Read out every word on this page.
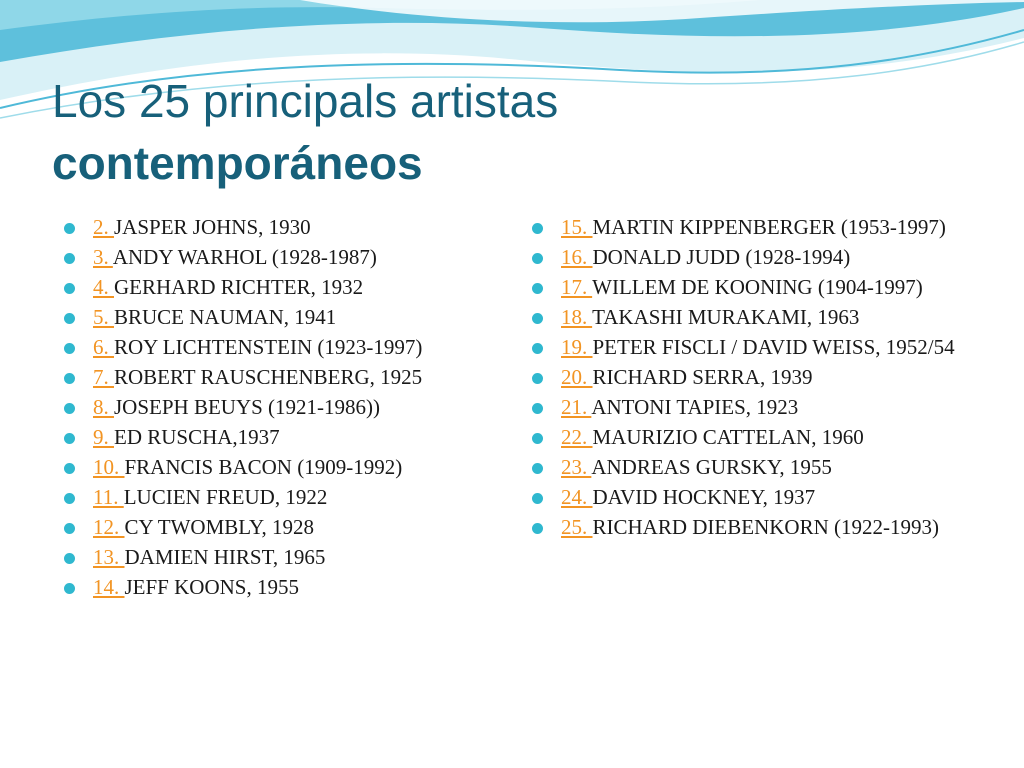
Los 25 principals artistas
contemporáneos
2. JASPER JOHNS, 1930
3. ANDY WARHOL (1928-1987)
4. GERHARD RICHTER, 1932
5. BRUCE NAUMAN, 1941
6. ROY LICHTENSTEIN (1923-1997)
7. ROBERT RAUSCHENBERG, 1925
8. JOSEPH BEUYS (1921-1986))
9. ED RUSCHA,1937
10. FRANCIS BACON (1909-1992)
11. LUCIEN FREUD, 1922
12. CY TWOMBLY, 1928
13. DAMIEN HIRST, 1965
14. JEFF KOONS, 1955
15. MARTIN KIPPENBERGER (1953-1997)
16. DONALD JUDD (1928-1994)
17. WILLEM DE KOONING (1904-1997)
18. TAKASHI MURAKAMI, 1963
19. PETER FISCLI / DAVID WEISS, 1952/54
20. RICHARD SERRA, 1939
21. ANTONI TAPIES, 1923
22. MAURIZIO CATTELAN, 1960
23. ANDREAS GURSKY, 1955
24. DAVID HOCKNEY, 1937
25. RICHARD DIEBENKORN (1922-1993)
